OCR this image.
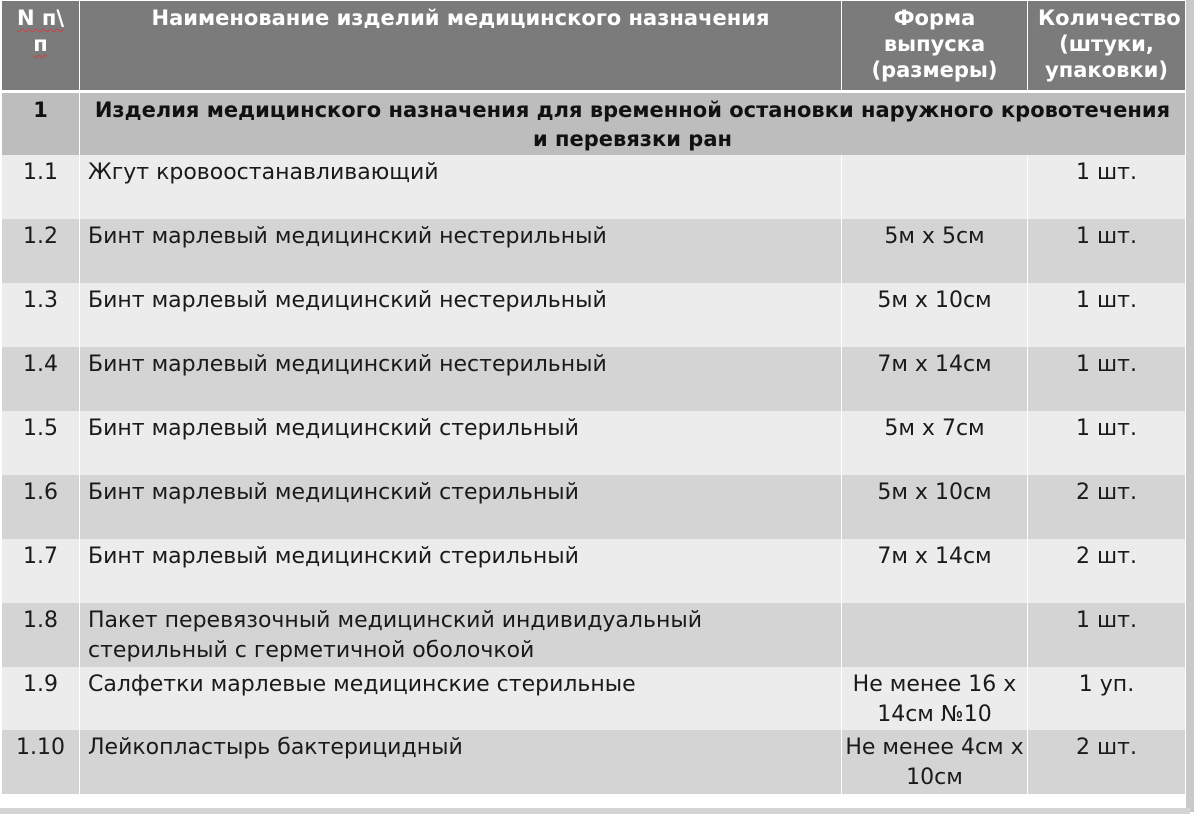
N п\
п	Наименование изделий медицинского назначения	Форма выпуска (размеры)	Количество (штуки, упаковки)
1	Изделия медицинского назначения для временной остановки наружного кровотечения и перевязки ран		
1.1	Жгут кровоостанавливающий		1 шт.
1.2	Бинт марлевый медицинский нестерильный	5м х 5см	1 шт.
1.3	Бинт марлевый медицинский нестерильный	5м х 10см	1 шт.
1.4	Бинт марлевый медицинский нестерильный	7м х 14см	1 шт.
1.5	Бинт марлевый медицинский стерильный	5м х 7см	1 шт.
1.6	Бинт марлевый медицинский стерильный	5м х 10см	2 шт.
1.7	Бинт марлевый медицинский стерильный	7м х 14см	2 шт.
1.8	Пакет перевязочный медицинский индивидуальный стерильный с герметичной оболочкой		1 шт.
1.9	Салфетки марлевые медицинские стерильные	Не менее 16 х 14см №10	1 уп.
1.10	Лейкопластырь бактерицидный	Не менее 4см х 10см	2 шт.
